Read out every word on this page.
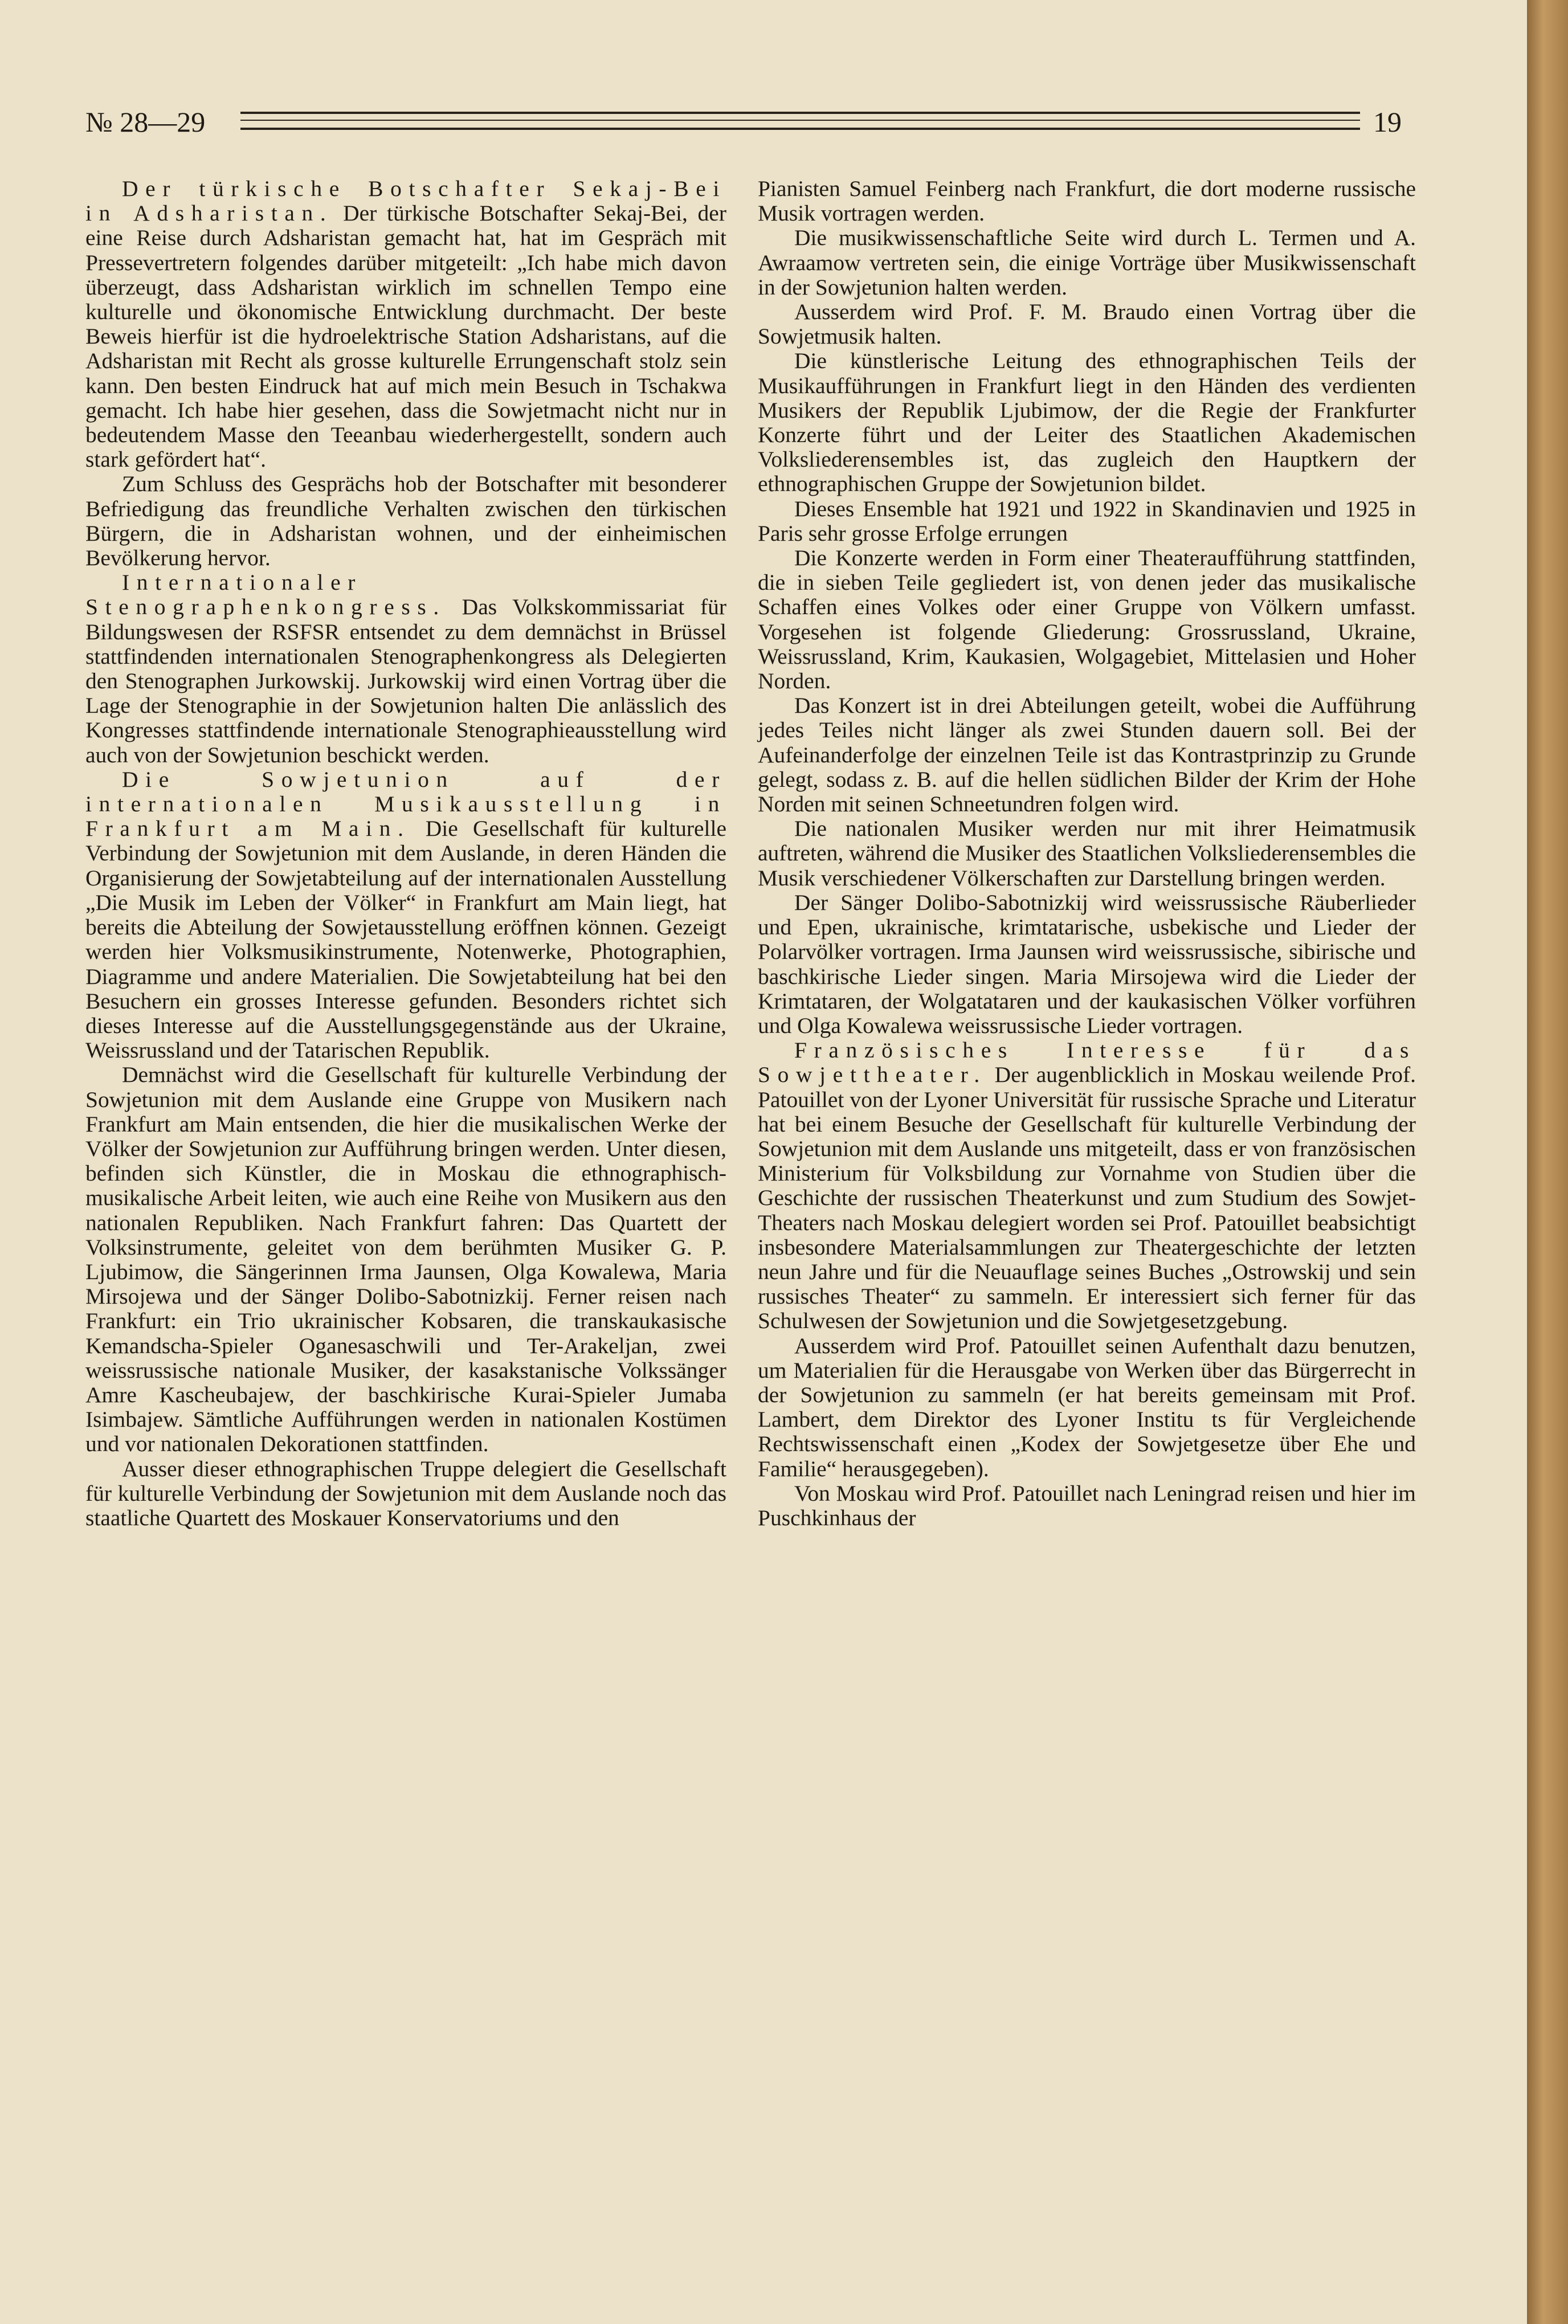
№ 28—29	19

Der türkische Botschafter Sekaj-Bei in Adsharistan. Der türkische Botschafter Sekaj-Bei, der eine Reise durch Adsharistan gemacht hat, hat im Gespräch mit Pressevertretern folgendes darüber mitgeteilt: „Ich habe mich davon überzeugt, dass Adsharistan wirklich im schnellen Tempo eine kulturelle und ökonomische Entwicklung durchmacht. Der beste Beweis hierfür ist die hydroelektrische Station Adsharistans, auf die Adsharistan mit Recht als grosse kulturelle Errungenschaft stolz sein kann. Den besten Eindruck hat auf mich mein Besuch in Tschakwa gemacht. Ich habe hier gesehen, dass die Sowjetmacht nicht nur in bedeutendem Masse den Teeanbau wiederhergestellt, sondern auch stark gefördert hat“.

Zum Schluss des Gesprächs hob der Botschafter mit besonderer Befriedigung das freundliche Verhalten zwischen den türkischen Bürgern, die in Adsharistan wohnen, und der einheimischen Bevölkerung hervor.

Internationaler Stenographenkongress. Das Volkskommissariat für Bildungswesen der RSFSR entsendet zu dem demnächst in Brüssel stattfindenden internationalen Stenographenkongress als Delegierten den Stenographen Jurkowskij. Jurkowskij wird einen Vortrag über die Lage der Stenographie in der Sowjetunion halten Die anlässlich des Kongresses stattfindende internationale Stenographieausstellung wird auch von der Sowjetunion beschickt werden.

Die Sowjetunion auf der internationalen Musikausstellung in Frankfurt am Main. Die Gesellschaft für kulturelle Verbindung der Sowjetunion mit dem Auslande, in deren Händen die Organisierung der Sowjetabteilung auf der internationalen Ausstellung „Die Musik im Leben der Völker“ in Frankfurt am Main liegt, hat bereits die Abteilung der Sowjetausstellung eröffnen können. Gezeigt werden hier Volksmusikinstrumente, Notenwerke, Photographien, Diagramme und andere Materialien. Die Sowjetabteilung hat bei den Besuchern ein grosses Interesse gefunden. Besonders richtet sich dieses Interesse auf die Ausstellungsgegenstände aus der Ukraine, Weissrussland und der Tatarischen Republik.

Demnächst wird die Gesellschaft für kulturelle Verbindung der Sowjetunion mit dem Auslande eine Gruppe von Musikern nach Frankfurt am Main entsenden, die hier die musikalischen Werke der Völker der Sowjetunion zur Aufführung bringen werden. Unter diesen, befinden sich Künstler, die in Moskau die ethnographisch-musikalische Arbeit leiten, wie auch eine Reihe von Musikern aus den nationalen Republiken. Nach Frankfurt fahren: Das Quartett der Volksinstrumente, geleitet von dem berühmten Musiker G. P. Ljubimow, die Sängerinnen Irma Jaunsen, Olga Kowalewa, Maria Mirsojewa und der Sänger Dolibo-Sabotnizkij. Ferner reisen nach Frankfurt: ein Trio ukrainischer Kobsaren, die transkaukasische Kemandscha-Spieler Oganesaschwili und Ter-Arakeljan, zwei weissrussische nationale Musiker, der kasakstanische Volkssänger Amre Kascheubajew, der baschkirische Kurai-Spieler Jumaba Isimbajew. Sämtliche Aufführungen werden in nationalen Kostümen und vor nationalen Dekorationen stattfinden.

Ausser dieser ethnographischen Truppe delegiert die Gesellschaft für kulturelle Verbindung der Sowjetunion mit dem Auslande noch das staatliche Quartett des Moskauer Konservatoriums und den

Pianisten Samuel Feinberg nach Frankfurt, die dort moderne russische Musik vortragen werden.

Die musikwissenschaftliche Seite wird durch L. Termen und A. Awraamow vertreten sein, die einige Vorträge über Musikwissenschaft in der Sowjetunion halten werden.

Ausserdem wird Prof. F. M. Braudo einen Vortrag über die Sowjetmusik halten.

Die künstlerische Leitung des ethnographischen Teils der Musikaufführungen in Frankfurt liegt in den Händen des verdienten Musikers der Republik Ljubimow, der die Regie der Frankfurter Konzerte führt und der Leiter des Staatlichen Akademischen Volksliederensembles ist, das zugleich den Hauptkern der ethnographischen Gruppe der Sowjetunion bildet.

Dieses Ensemble hat 1921 und 1922 in Skandinavien und 1925 in Paris sehr grosse Erfolge errungen

Die Konzerte werden in Form einer Theateraufführung stattfinden, die in sieben Teile gegliedert ist, von denen jeder das musikalische Schaffen eines Volkes oder einer Gruppe von Völkern umfasst. Vorgesehen ist folgende Gliederung: Grossrussland, Ukraine, Weissrussland, Krim, Kaukasien, Wolgagebiet, Mittelasien und Hoher Norden.

Das Konzert ist in drei Abteilungen geteilt, wobei die Aufführung jedes Teiles nicht länger als zwei Stunden dauern soll. Bei der Aufeinanderfolge der einzelnen Teile ist das Kontrastprinzip zu Grunde gelegt, sodass z. B. auf die hellen südlichen Bilder der Krim der Hohe Norden mit seinen Schneetundren folgen wird.

Die nationalen Musiker werden nur mit ihrer Heimatmusik auftreten, während die Musiker des Staatlichen Volksliederensembles die Musik verschiedener Völkerschaften zur Darstellung bringen werden.

Der Sänger Dolibo-Sabotnizkij wird weissrussische Räuberlieder und Epen, ukrainische, krimtatarische, usbekische und Lieder der Polarvölker vortragen. Irma Jaunsen wird weissrussische, sibirische und baschkirische Lieder singen. Maria Mirsojewa wird die Lieder der Krimtataren, der Wolgatataren und der kaukasischen Völker vorführen und Olga Kowalewa weissrussische Lieder vortragen.

Französisches Interesse für das Sowjettheater. Der augenblicklich in Moskau weilende Prof. Patouillet von der Lyoner Universität für russische Sprache und Literatur hat bei einem Besuche der Gesellschaft für kulturelle Verbindung der Sowjetunion mit dem Auslande uns mitgeteilt, dass er von französischen Ministerium für Volksbildung zur Vornahme von Studien über die Geschichte der russischen Theaterkunst und zum Studium des Sowjet-Theaters nach Moskau delegiert worden sei Prof. Patouillet beabsichtigt insbesondere Materialsammlungen zur Theatergeschichte der letzten neun Jahre und für die Neuauflage seines Buches „Ostrowskij und sein russisches Theater“ zu sammeln. Er interessiert sich ferner für das Schulwesen der Sowjetunion und die Sowjetgesetzgebung.

Ausserdem wird Prof. Patouillet seinen Aufenthalt dazu benutzen, um Materialien für die Herausgabe von Werken über das Bürgerrecht in der Sowjetunion zu sammeln (er hat bereits gemeinsam mit Prof. Lambert, dem Direktor des Lyoner Institu ts für Vergleichende Rechtswissenschaft einen „Kodex der Sowjetgesetze über Ehe und Familie“ herausgegeben).

Von Moskau wird Prof. Patouillet nach Leningrad reisen und hier im Puschkinhaus der
